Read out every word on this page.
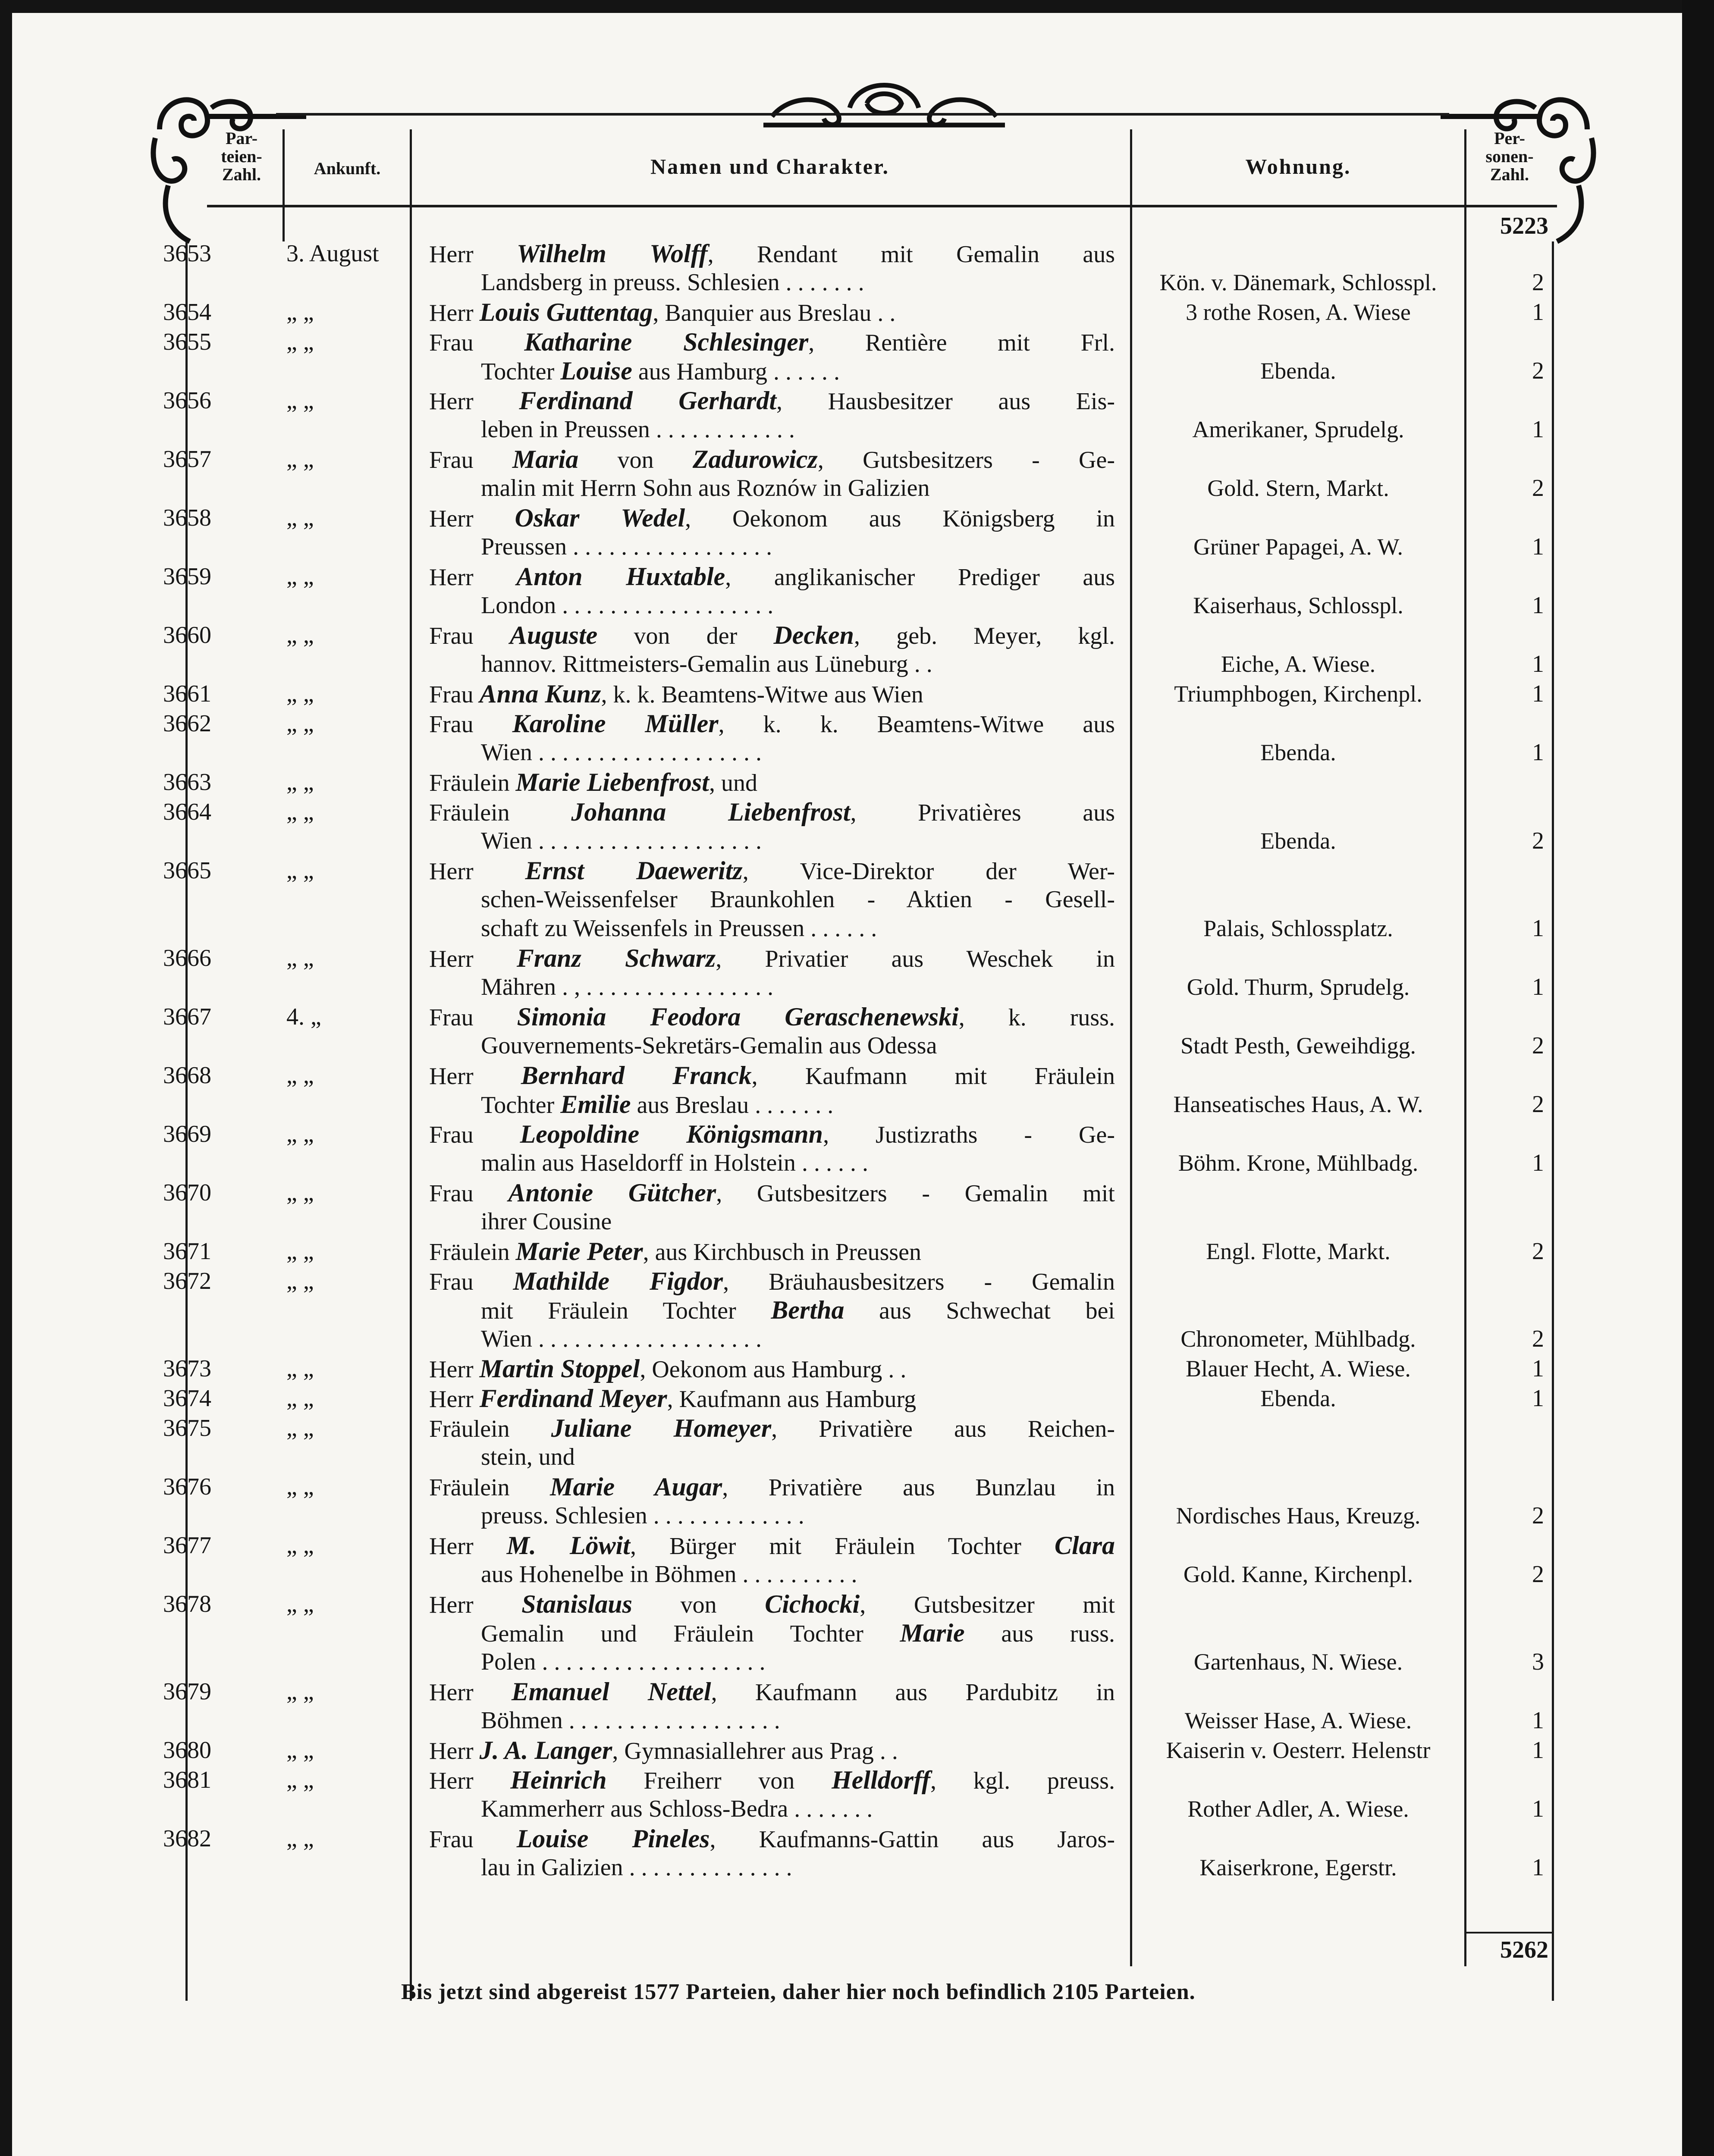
Par-
teien-
Zahl.	Ankunft.	Namen und Charakter.	Wohnung.
Per-
sonen-
Zahl.
5223
3653	3. August	Herr Wilhelm Wolff, Rendant mit Gemalin aus
Landsberg in preuss. Schlesien . . . . . . .	Kön. v. Dänemark, Schlosspl.	2
3654	„ „	Herr Louis Guttentag, Banquier aus Breslau . .	3 rothe Rosen, A. Wiese	1
3655	„ „	Frau Katharine Schlesinger, Rentière mit Frl.
Tochter Louise aus Hamburg . . . . . .	Ebenda.	2
3656	„ „	Herr Ferdinand Gerhardt, Hausbesitzer aus Eis-
leben in Preussen . . . . . . . . . . . .	Amerikaner, Sprudelg.	1
3657	„ „	Frau Maria von Zadurowicz, Gutsbesitzers - Ge-
malin mit Herrn Sohn aus Roznów in Galizien	Gold. Stern, Markt.	2
3658	„ „	Herr Oskar Wedel, Oekonom aus Königsberg in
Preussen . . . . . . . . . . . . . . . . .	Grüner Papagei, A. W.	1
3659	„ „	Herr Anton Huxtable, anglikanischer Prediger aus
London . . . . . . . . . . . . . . . . . .	Kaiserhaus, Schlosspl.	1
3660	„ „	Frau Auguste von der Decken, geb. Meyer, kgl.
hannov. Rittmeisters-Gemalin aus Lüneburg . .	Eiche, A. Wiese.	1
3661	„ „	Frau Anna Kunz, k. k. Beamtens-Witwe aus Wien	Triumphbogen, Kirchenpl.	1
3662	„ „	Frau Karoline Müller, k. k. Beamtens-Witwe aus
Wien . . . . . . . . . . . . . . . . . . .	Ebenda.	1
3663	„ „	Fräulein Marie Liebenfrost, und
3664	„ „	Fräulein Johanna Liebenfrost, Privatières aus
Wien . . . . . . . . . . . . . . . . . . .	Ebenda.	2
3665	„ „	Herr Ernst Daeweritz, Vice-Direktor der Wer-
schen-Weissenfelser Braunkohlen - Aktien - Gesell-
schaft zu Weissenfels in Preussen . . . . . .	Palais, Schlossplatz.	1
3666	„ „	Herr Franz Schwarz, Privatier aus Weschek in
Mähren . , . . . . . . . . . . . . . . . .	Gold. Thurm, Sprudelg.	1
3667	4. „	Frau Simonia Feodora Geraschenewski, k. russ.
Gouvernements-Sekretärs-Gemalin aus Odessa	Stadt Pesth, Geweihdigg.	2
3668	„ „	Herr Bernhard Franck, Kaufmann mit Fräulein
Tochter Emilie aus Breslau . . . . . . .	Hanseatisches Haus, A. W.	2
3669	„ „	Frau Leopoldine Königsmann, Justizraths - Ge-
malin aus Haseldorff in Holstein . . . . . .	Böhm. Krone, Mühlbadg.	1
3670	„ „	Frau Antonie Gütcher, Gutsbesitzers - Gemalin mit
ihrer Cousine
3671	„ „	Fräulein Marie Peter, aus Kirchbusch in Preussen	Engl. Flotte, Markt.	2
3672	„ „	Frau Mathilde Figdor, Bräuhausbesitzers - Gemalin
mit Fräulein Tochter Bertha aus Schwechat bei
Wien . . . . . . . . . . . . . . . . . . .	Chronometer, Mühlbadg.	2
3673	„ „	Herr Martin Stoppel, Oekonom aus Hamburg . .	Blauer Hecht, A. Wiese.	1
3674	„ „	Herr Ferdinand Meyer, Kaufmann aus Hamburg	Ebenda.	1
3675	„ „	Fräulein Juliane Homeyer, Privatière aus Reichen-
stein, und
3676	„ „	Fräulein Marie Augar, Privatière aus Bunzlau in
preuss. Schlesien . . . . . . . . . . . . .	Nordisches Haus, Kreuzg.	2
3677	„ „	Herr M. Löwit, Bürger mit Fräulein Tochter Clara
aus Hohenelbe in Böhmen . . . . . . . . . .	Gold. Kanne, Kirchenpl.	2
3678	„ „	Herr Stanislaus von Cichocki, Gutsbesitzer mit
Gemalin und Fräulein Tochter Marie aus russ.
Polen . . . . . . . . . . . . . . . . . . .	Gartenhaus, N. Wiese.	3
3679	„ „	Herr Emanuel Nettel, Kaufmann aus Pardubitz in
Böhmen . . . . . . . . . . . . . . . . . .	Weisser Hase, A. Wiese.	1
3680	„ „	Herr J. A. Langer, Gymnasiallehrer aus Prag . .	Kaiserin v. Oesterr. Helenstr	1
3681	„ „	Herr Heinrich Freiherr von Helldorff, kgl. preuss.
Kammerherr aus Schloss-Bedra . . . . . . .	Rother Adler, A. Wiese.	1
3682	„ „	Frau Louise Pineles, Kaufmanns-Gattin aus Jaros-
lau in Galizien . . . . . . . . . . . . . .	Kaiserkrone, Egerstr.	1
5262
Bis jetzt sind abgereist 1577 Parteien, daher hier noch befindlich 2105 Parteien.
